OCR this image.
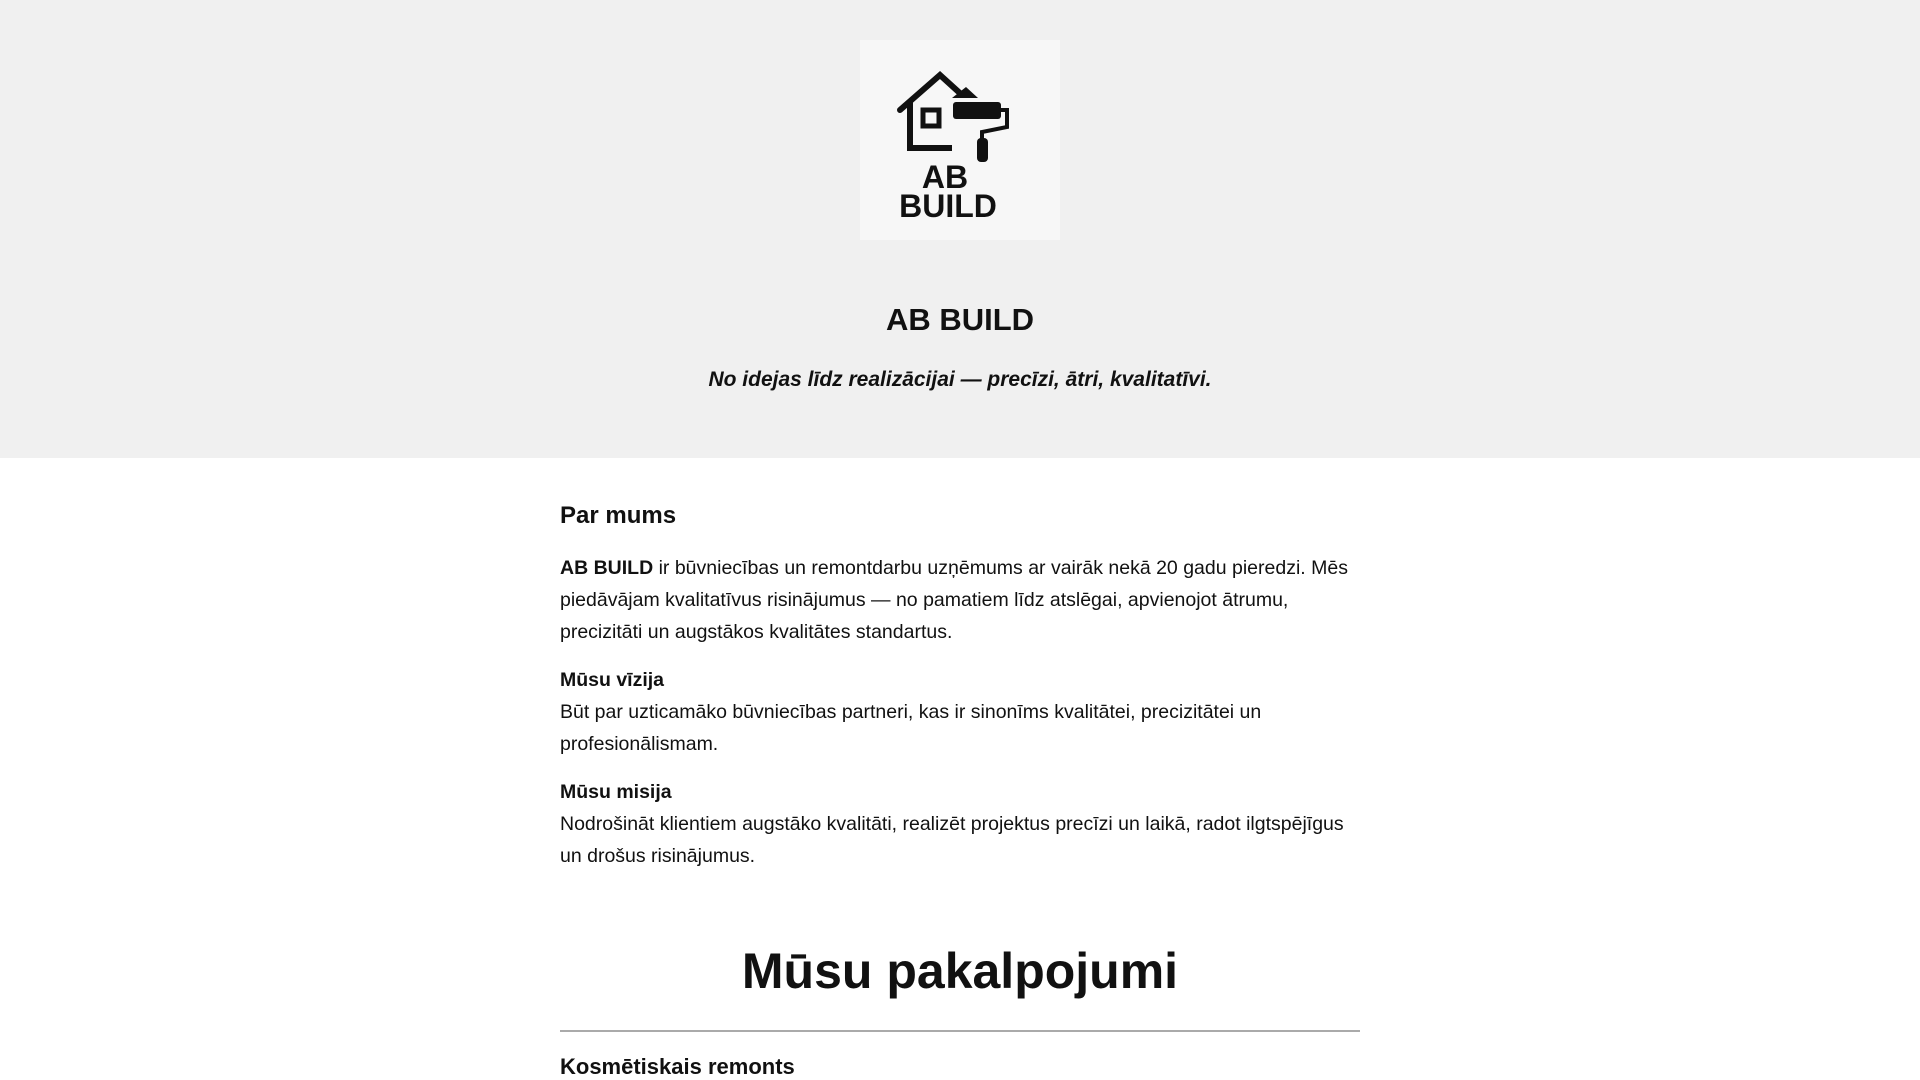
AB
BUILD
AB BUILD
No idejas līdz realizācijai — precīzi, ātri, kvalitatīvi.
Par mums

AB BUILD ir būvniecības un remontdarbu uzņēmums ar vairāk nekā 20 gadu pieredzi. Mēs piedāvājam kvalitatīvus risinājumus — no pamatiem līdz atslēgai, apvienojot ātrumu, precizitāti un augstākos kvalitātes standartus.

Mūsu vīzija
Būt par uzticamāko būvniecības partneri, kas ir sinonīms kvalitātei, precizitātei un profesionālismam.

Mūsu misija
Nodrošināt klientiem augstāko kvalitāti, realizēt projektus precīzi un laikā, radot ilgtspējīgus un drošus risinājumus.

Mūsu pakalpojumi
Kosmētiskais remonts
